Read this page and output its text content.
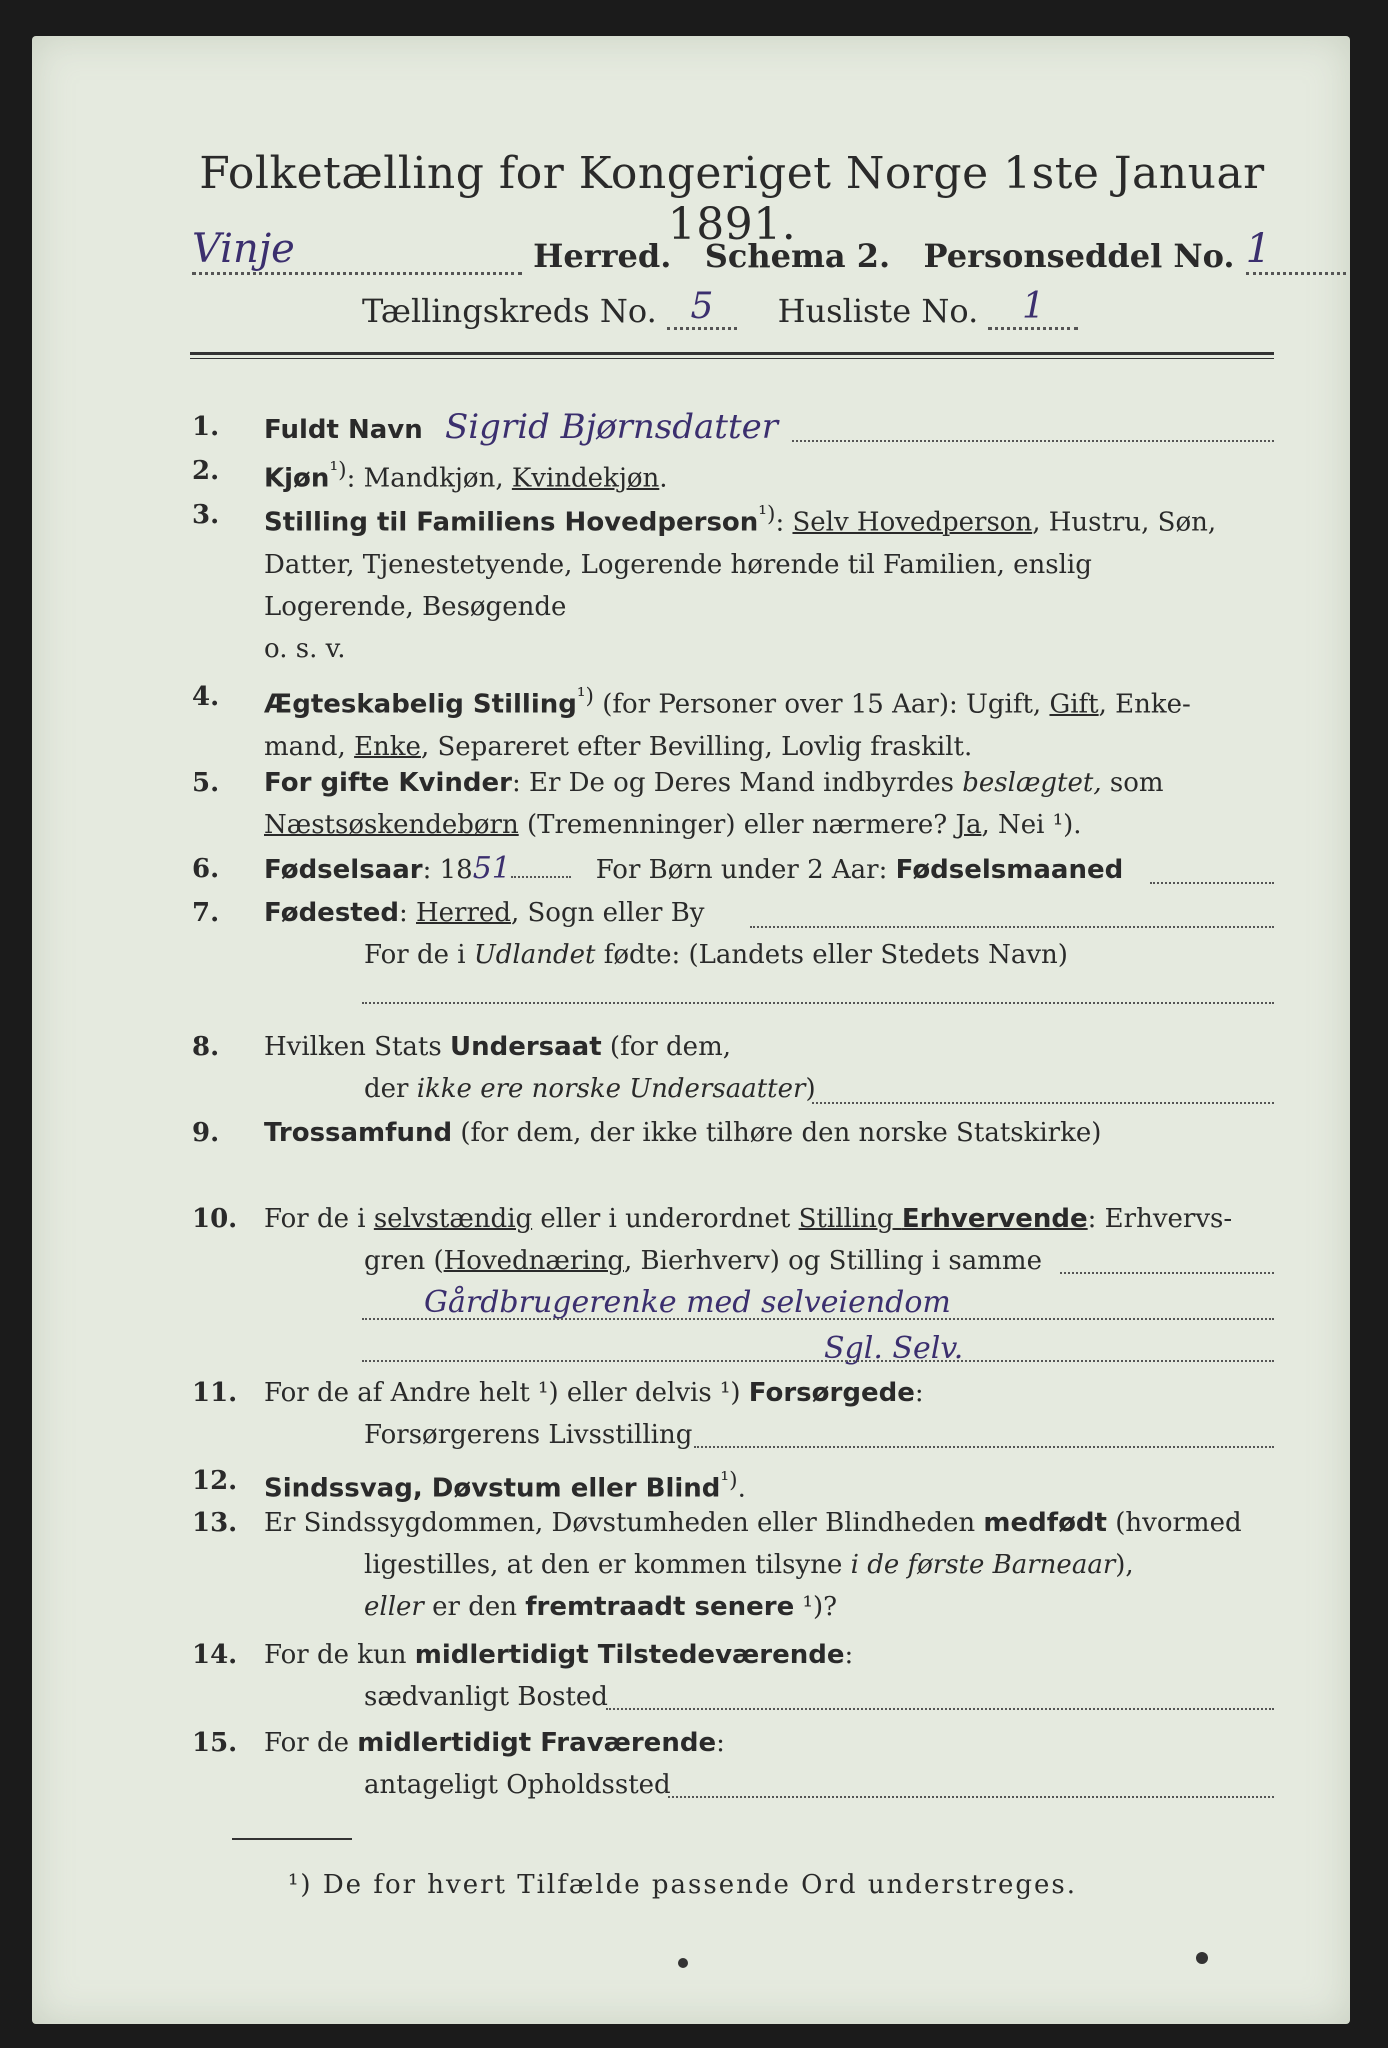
Folketælling for Kongeriget Norge 1ste Januar 1891.
Vinje	Herred. Schema 2. Personseddel No. 1
Tællingskreds No. 5 Husliste No. 1
1.	Fuldt Navn Sigrid Bjørnsdatter
2.	Kjøn$^{^1)}$: Mandkjøn, Kvindekjøn.
3.	Stilling til Familiens Hovedperson$^{^1)}$: Selv Hovedperson, Hustru, Søn,
Datter, Tjenestetyende, Logerende hørende til Familien, enslig
Logerende, Besøgende
o. s. v.
4.	Ægteskabelig Stilling$^{^1)}$ (for Personer over 15 Aar): Ugift, Gift, Enke-
mand, Enke, Separeret efter Bevilling, Lovlig fraskilt.
5.	For gifte Kvinder: Er De og Deres Mand indbyrdes beslægtet, som
Næstsøskendebørn (Tremenninger) eller nærmere? Ja, Nei ¹).
6.	Fødselsaar: 1851	For Børn under 2 Aar: Fødselsmaaned
7.	Fødested: Herred, Sogn eller By
For de i Udlandet fødte: (Landets eller Stedets Navn)
8.	Hvilken Stats Undersaat (for dem,
der ikke ere norske Undersaatter)
9.	Trossamfund (for dem, der ikke tilhøre den norske Statskirke)
10. For de i selvstændig eller i underordnet Stilling Erhvervende: Erhvervs-
gren (Hovednæring, Bierhverv) og Stilling i samme
Gårdbrugerenke med selveiendom
Sgl. Selv.
11. For de af Andre helt ¹) eller delvis ¹) Forsørgede:
Forsørgerens Livsstilling
12. Sindssvag, Døvstum eller Blind$^{^1)}$.
13. Er Sindssygdommen, Døvstumheden eller Blindheden medfødt (hvormed
ligestilles, at den er kommen tilsyne i de første Barneaar),
eller er den fremtraadt senere ¹)?
14. For de kun midlertidigt Tilstedeværende:
sædvanligt Bosted
15. For de midlertidigt Fraværende:
antageligt Opholdssted
¹) De for hvert Tilfælde passende Ord understreges.
